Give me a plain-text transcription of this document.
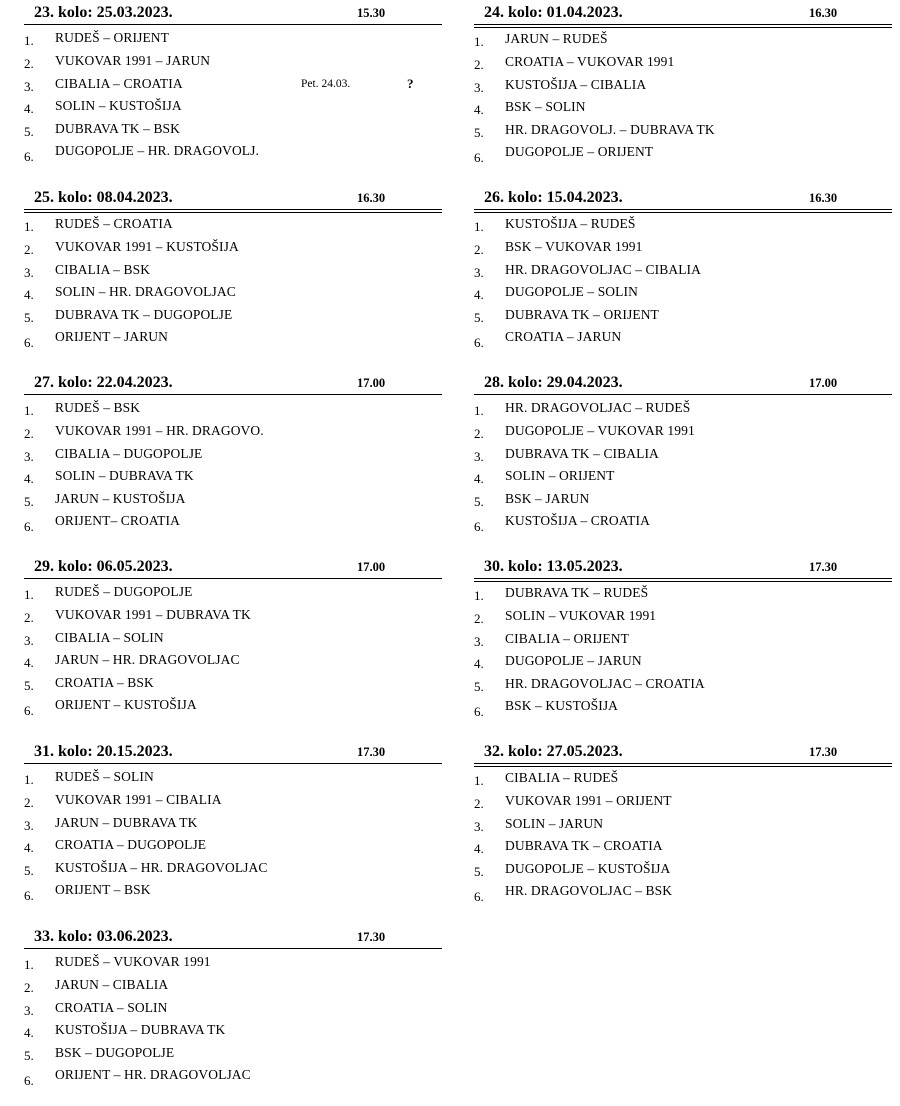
23. kolo: 25.03.2023.	15.30
1. RUDEŠ – ORIJENT
2. VUKOVAR 1991 – JARUN
3. CIBALIA – CROATIA	Pet. 24.03.	?
4. SOLIN – KUSTOŠIJA
5. DUBRAVA TK – BSK
6. DUGOPOLJE – HR. DRAGOVOLJ.
24. kolo: 01.04.2023.	16.30
1. JARUN – RUDEŠ
2. CROATIA – VUKOVAR 1991
3. KUSTOŠIJA – CIBALIA
4. BSK – SOLIN
5. HR. DRAGOVOLJ. – DUBRAVA TK
6. DUGOPOLJE – ORIJENT
25. kolo: 08.04.2023.	16.30
1. RUDEŠ – CROATIA
2. VUKOVAR 1991 – KUSTOŠIJA
3. CIBALIA – BSK
4. SOLIN – HR. DRAGOVOLJAC
5. DUBRAVA TK – DUGOPOLJE
6. ORIJENT – JARUN
26. kolo: 15.04.2023.	16.30
1. KUSTOŠIJA – RUDEŠ
2. BSK – VUKOVAR 1991
3. HR. DRAGOVOLJAC – CIBALIA
4. DUGOPOLJE – SOLIN
5. DUBRAVA TK – ORIJENT
6. CROATIA – JARUN
27. kolo: 22.04.2023.	17.00
1. RUDEŠ – BSK
2. VUKOVAR 1991 – HR. DRAGOVO.
3. CIBALIA – DUGOPOLJE
4. SOLIN – DUBRAVA TK
5. JARUN – KUSTOŠIJA
6. ORIJENT– CROATIA
28. kolo: 29.04.2023.	17.00
1. HR. DRAGOVOLJAC – RUDEŠ
2. DUGOPOLJE – VUKOVAR 1991
3. DUBRAVA TK – CIBALIA
4. SOLIN – ORIJENT
5. BSK – JARUN
6. KUSTOŠIJA – CROATIA
29. kolo: 06.05.2023.	17.00
1. RUDEŠ – DUGOPOLJE
2. VUKOVAR 1991 – DUBRAVA TK
3. CIBALIA – SOLIN
4. JARUN – HR. DRAGOVOLJAC
5. CROATIA – BSK
6. ORIJENT – KUSTOŠIJA
30. kolo: 13.05.2023.	17.30
1. DUBRAVA TK – RUDEŠ
2. SOLIN – VUKOVAR 1991
3. CIBALIA – ORIJENT
4. DUGOPOLJE – JARUN
5. HR. DRAGOVOLJAC – CROATIA
6. BSK – KUSTOŠIJA
31. kolo: 20.15.2023.	17.30
1. RUDEŠ – SOLIN
2. VUKOVAR 1991 – CIBALIA
3. JARUN – DUBRAVA TK
4. CROATIA – DUGOPOLJE
5. KUSTOŠIJA – HR. DRAGOVOLJAC
6. ORIJENT – BSK
32. kolo: 27.05.2023.	17.30
1. CIBALIA – RUDEŠ
2. VUKOVAR 1991 – ORIJENT
3. SOLIN – JARUN
4. DUBRAVA TK – CROATIA
5. DUGOPOLJE – KUSTOŠIJA
6. HR. DRAGOVOLJAC – BSK
33. kolo: 03.06.2023.	17.30
1. RUDEŠ – VUKOVAR 1991
2. JARUN – CIBALIA
3. CROATIA – SOLIN
4. KUSTOŠIJA – DUBRAVA TK
5. BSK – DUGOPOLJE
6. ORIJENT – HR. DRAGOVOLJAC
